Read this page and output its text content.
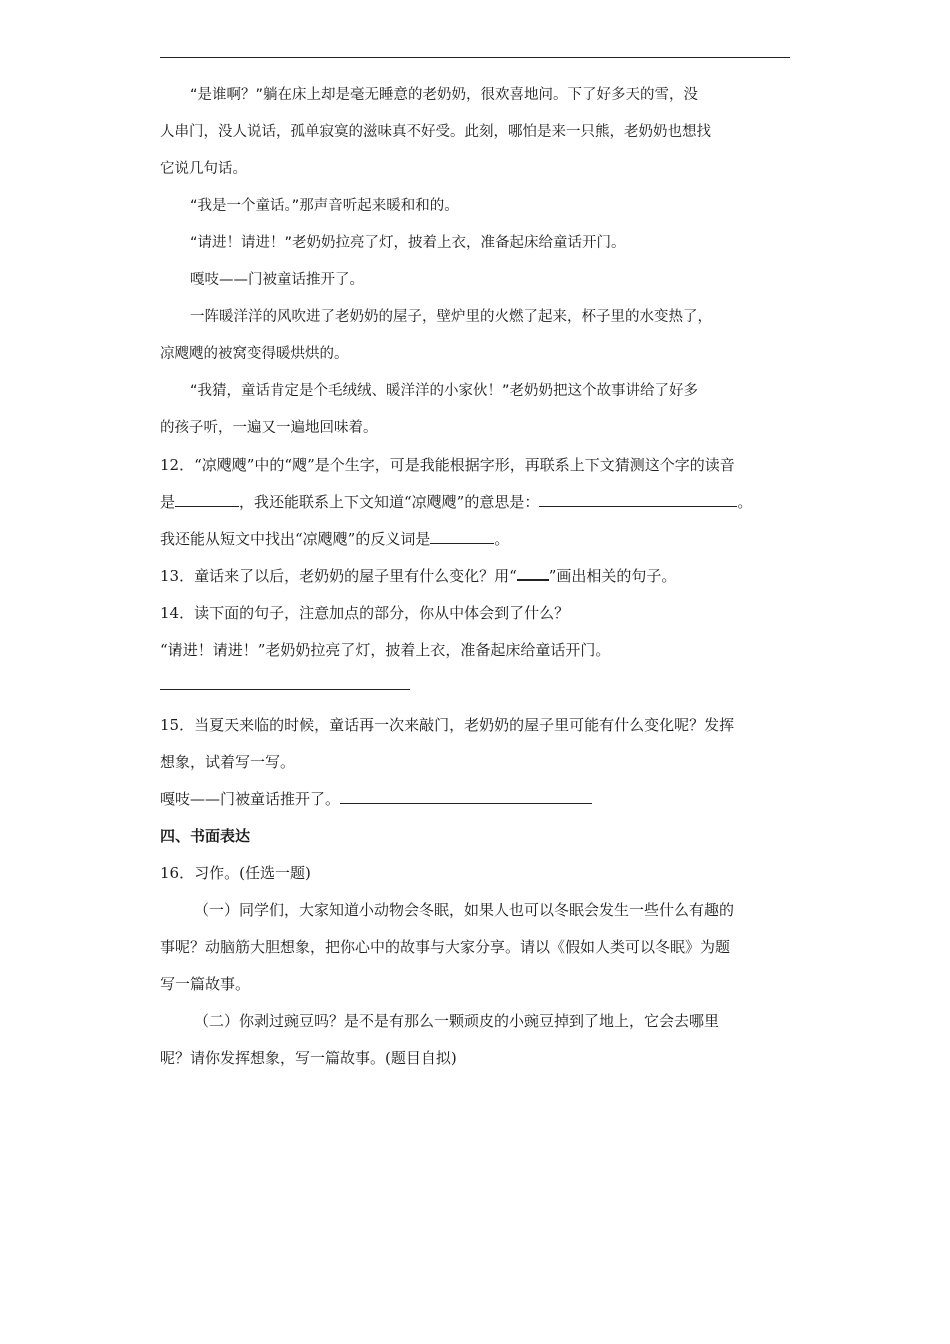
“是谁啊？”躺在床上却是毫无睡意的老奶奶，很欢喜地问。下了好多天的雪，没

人串门，没人说话，孤单寂寞的滋味真不好受。此刻，哪怕是来一只熊，老奶奶也想找

它说几句话。

“我是一个童话。”那声音听起来暖和和的。

“请进！请进！”老奶奶拉亮了灯，披着上衣，准备起床给童话开门。

嘎吱——门被童话推开了。

一阵暖洋洋的风吹进了老奶奶的屋子，壁炉里的火燃了起来，杯子里的水变热了，

凉飕飕的被窝变得暖烘烘的。

“我猜，童话肯定是个毛绒绒、暖洋洋的小家伙！”老奶奶把这个故事讲给了好多

的孩子听，一遍又一遍地回味着。

12．“凉飕飕”中的“飕”是个生字，可是我能根据字形，再联系上下文猜测这个字的读音

是	，我还能联系上下文知道“凉飕飕”的意思是：	。

我还能从短文中找出“凉飕飕”的反义词是	。

13．童话来了以后，老奶奶的屋子里有什么变化？用“ ”画出相关的句子。

14．读下面的句子，注意加点的部分，你从中体会到了什么？

“请 ·进 ·！请 ·进 ·！”老奶奶拉亮了灯，披着上衣，准备起床给童话开门。

15．当夏天来临的时候，童话再一次来敲门，老奶奶的屋子里可能有什么变化呢？发挥

想象，试着写一写。

嘎吱——门被童话推开了。

四、书面表达

16．习作。(任选一题)

（一）同学们，大家知道小动物会冬眠，如果人也可以冬眠会发生一些什么有趣的

事呢？动脑筋大胆想象，把你心中的故事与大家分享。请以《假如人类可以冬眠》为题

写一篇故事。

（二）你剥过豌豆吗？是不是有那么一颗顽皮的小豌豆掉到了地上，它会去哪里

呢？请你发挥想象，写一篇故事。(题目自拟)
